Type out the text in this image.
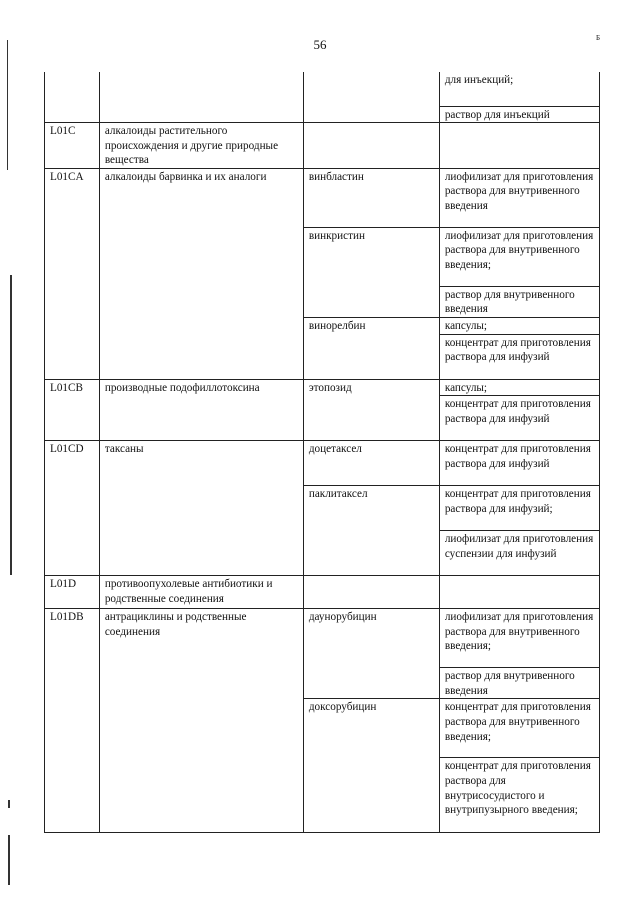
56	Б
			для инъекций;
			раствор для инъекций
L01C	алкалоиды растительного происхождения и другие природные вещества		
L01CA	алкалоиды барвинка и их аналоги	винбластин	лиофилизат для приготовления раствора для внутривенного введения
		винкристин	лиофилизат для приготовления раствора для внутривенного введения;
			раствор для внутривенного введения
		винорелбин	капсулы;
			концентрат для приготовления раствора для инфузий
L01CB	производные подофиллотоксина	этопозид	капсулы;
			концентрат для приготовления раствора для инфузий
L01CD	таксаны	доцетаксел	концентрат для приготовления раствора для инфузий
		паклитаксел	концентрат для приготовления раствора для инфузий;
			лиофилизат для приготовления суспензии для инфузий
L01D	противоопухолевые антибиотики и родственные соединения		
L01DB	антрациклины и родственные соединения	даунорубицин	лиофилизат для приготовления раствора для внутривенного введения;
			раствор для внутривенного введения
		доксорубицин	концентрат для приготовления раствора для внутривенного введения;
			концентрат для приготовления раствора для внутрисосудистого и внутрипузырного введения;
